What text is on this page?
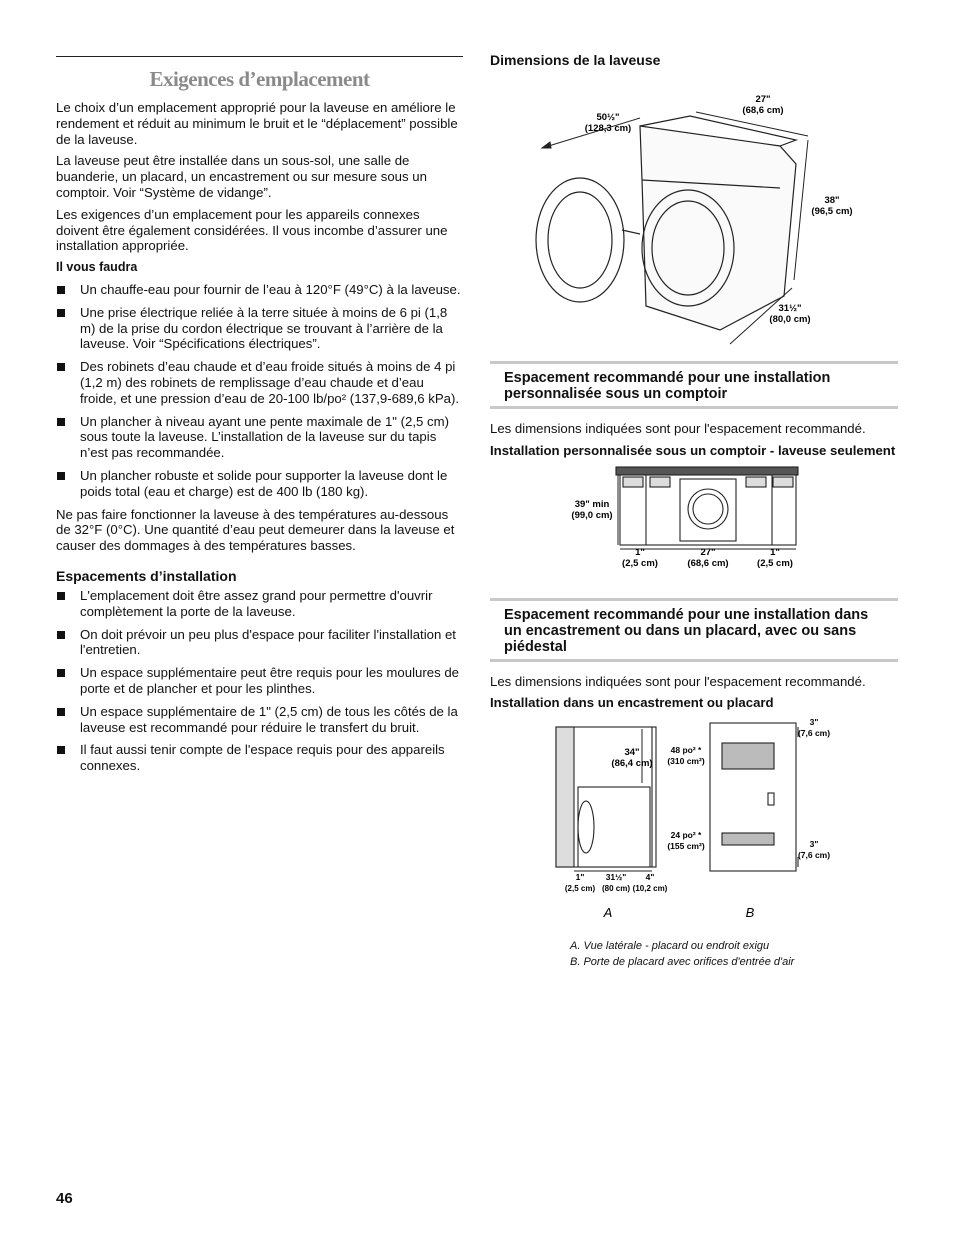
Exigences d’emplacement

Le choix d’un emplacement approprié pour la laveuse en améliore le rendement et réduit au minimum le bruit et le “déplacement” possible de la laveuse.

La laveuse peut être installée dans un sous-sol, une salle de buanderie, un placard, un encastrement ou sur mesure sous un comptoir. Voir “Système de vidange”.

Les exigences d’un emplacement pour les appareils connexes doivent être également considérées. Il vous incombe d’assurer une installation appropriée.

Il vous faudra

Un chauffe-eau pour fournir de l’eau à 120°F (49°C) à la laveuse.
Une prise électrique reliée à la terre située à moins de 6 pi (1,8 m) de la prise du cordon électrique se trouvant à l’arrière de la laveuse. Voir “Spécifications électriques”.
Des robinets d’eau chaude et d’eau froide situés à moins de 4 pi (1,2 m) des robinets de remplissage d’eau chaude et d’eau froide, et une pression d’eau de 20-100 lb/po² (137,9-689,6 kPa).
Un plancher à niveau ayant une pente maximale de 1" (2,5 cm) sous toute la laveuse. L’installation de la laveuse sur du tapis n’est pas recommandée.
Un plancher robuste et solide pour supporter la laveuse dont le poids total (eau et charge) est de 400 lb (180 kg).

Ne pas faire fonctionner la laveuse à des températures au-dessous de 32°F (0°C). Une quantité d’eau peut demeurer dans la laveuse et causer des dommages à des températures basses.

Espacements d’installation
L'emplacement doit être assez grand pour permettre d'ouvrir complètement la porte de la laveuse.
On doit prévoir un peu plus d'espace pour faciliter l'installation et l'entretien.
Un espace supplémentaire peut être requis pour les moulures de porte et de plancher et pour les plinthes.
Un espace supplémentaire de 1" (2,5 cm) de tous les côtés de la laveuse est recommandé pour réduire le transfert du bruit.
Il faut aussi tenir compte de l'espace requis pour des appareils connexes.
Dimensions de la laveuse
50½"
(128,3 cm)
27"
(68,6 cm)
38"
(96,5 cm)
31½"
(80,0 cm)
Espacement recommandé pour une installation personnalisée sous un comptoir

Les dimensions indiquées sont pour l'espacement recommandé.

Installation personnalisée sous un comptoir - laveuse seulement

39" min
(99,0 cm)
1"
(2,5 cm)
27"
(68,6 cm)
1"
(2,5 cm)
Espacement recommandé pour une installation dans un encastrement ou dans un placard, avec ou sans piédestal

Les dimensions indiquées sont pour l'espacement recommandé.

Installation dans un encastrement ou placard

34"
(86,4 cm)
48 po² *
(310 cm²)
24 po² *
(155 cm²)
3"
(7,6 cm)
3"
(7,6 cm)
1"
(2,5 cm)
31½"
(80 cm)
4"
(10,2 cm)
A	B
A. Vue latérale - placard ou endroit exigu
B. Porte de placard avec orifices d'entrée d'air
46
